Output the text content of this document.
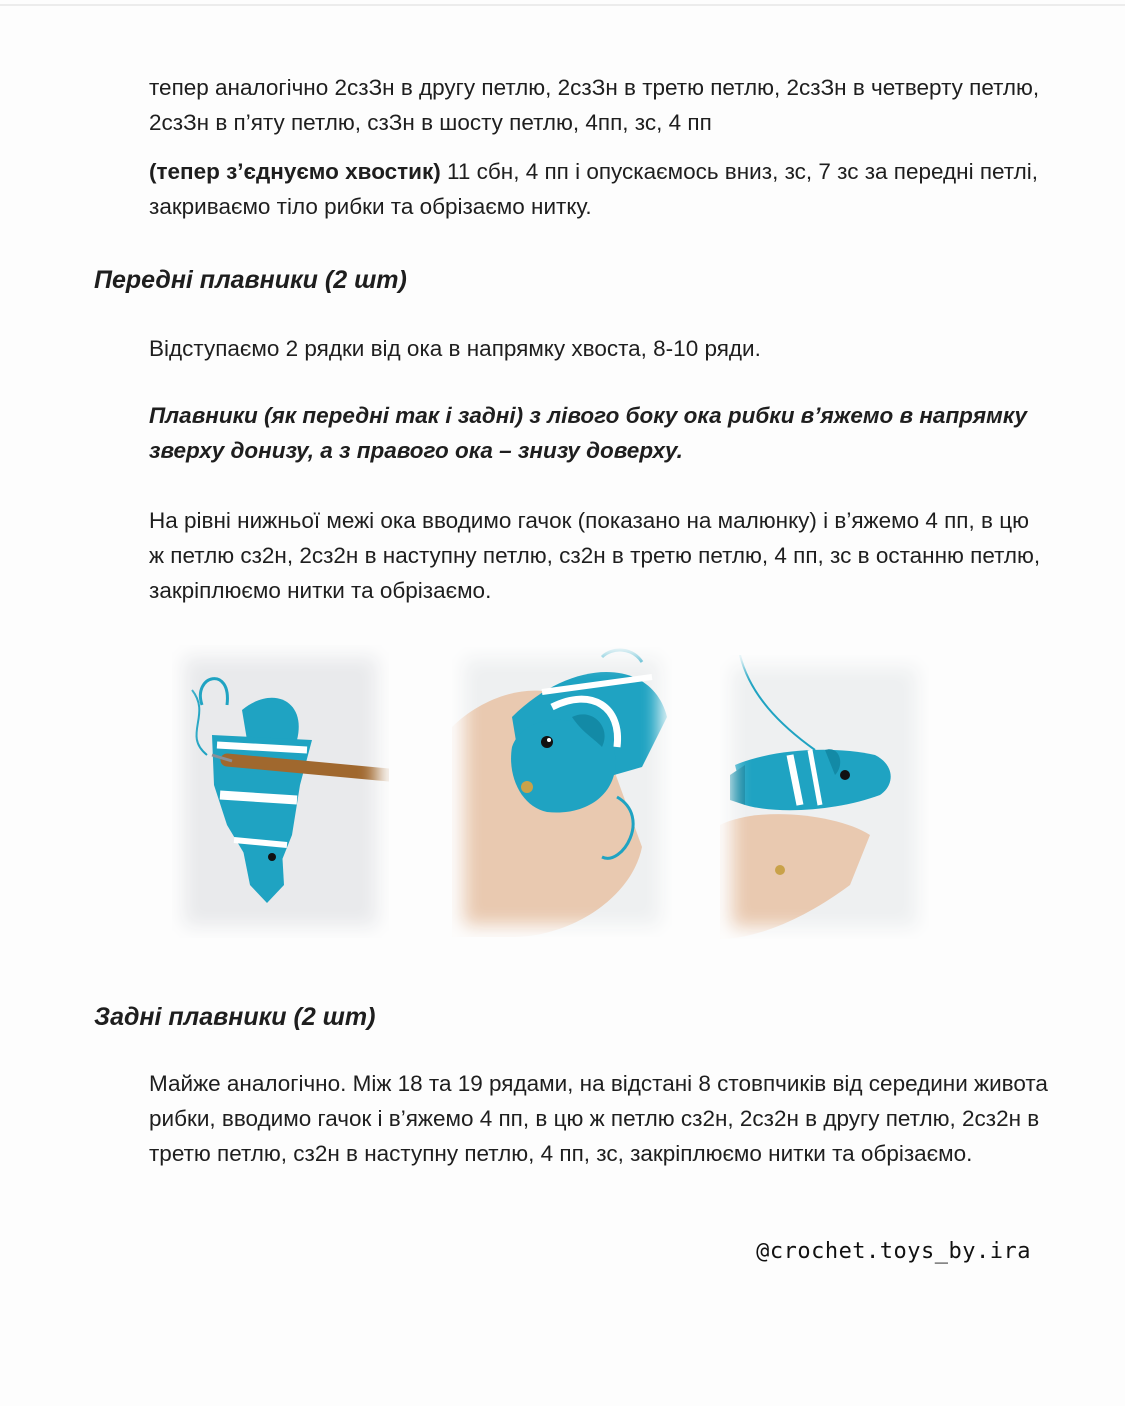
тепер аналогічно 2сзЗн в другу петлю, 2сзЗн в третю петлю, 2сзЗн в четверту петлю, 2сзЗн в п’яту петлю, сзЗн в шосту петлю, 4пп, зс, 4 пп

(тепер з’єднуємо хвостик) 11 сбн, 4 пп і опускаємось вниз, зс, 7 зс за передні петлі, закриваємо тіло рибки та обрізаємо нитку.

Передні плавники (2 шт)

Відступаємо 2 рядки від ока в напрямку хвоста, 8-10 ряди.

Плавники (як передні так і задні) з лівого боку ока рибки в’яжемо в напрямку зверху донизу, а з правого ока – знизу доверху.

На рівні нижньої межі ока вводимо гачок (показано на малюнку) і в’яжемо 4 пп, в цю ж петлю сз2н, 2сз2н в наступну петлю, сз2н в третю петлю, 4 пп, зс в останню петлю, закріплюємо нитки та обрізаємо.

Задні плавники (2 шт)

Майже аналогічно. Між 18 та 19 рядами, на відстані 8 стовпчиків від середини живота рибки, вводимо гачок і в’яжемо 4 пп, в цю ж петлю сз2н, 2сз2н в другу петлю, 2сз2н в третю петлю, сз2н в наступну петлю, 4 пп, зс, закріплюємо нитки та обрізаємо.

@crochet.toys_by.ira
